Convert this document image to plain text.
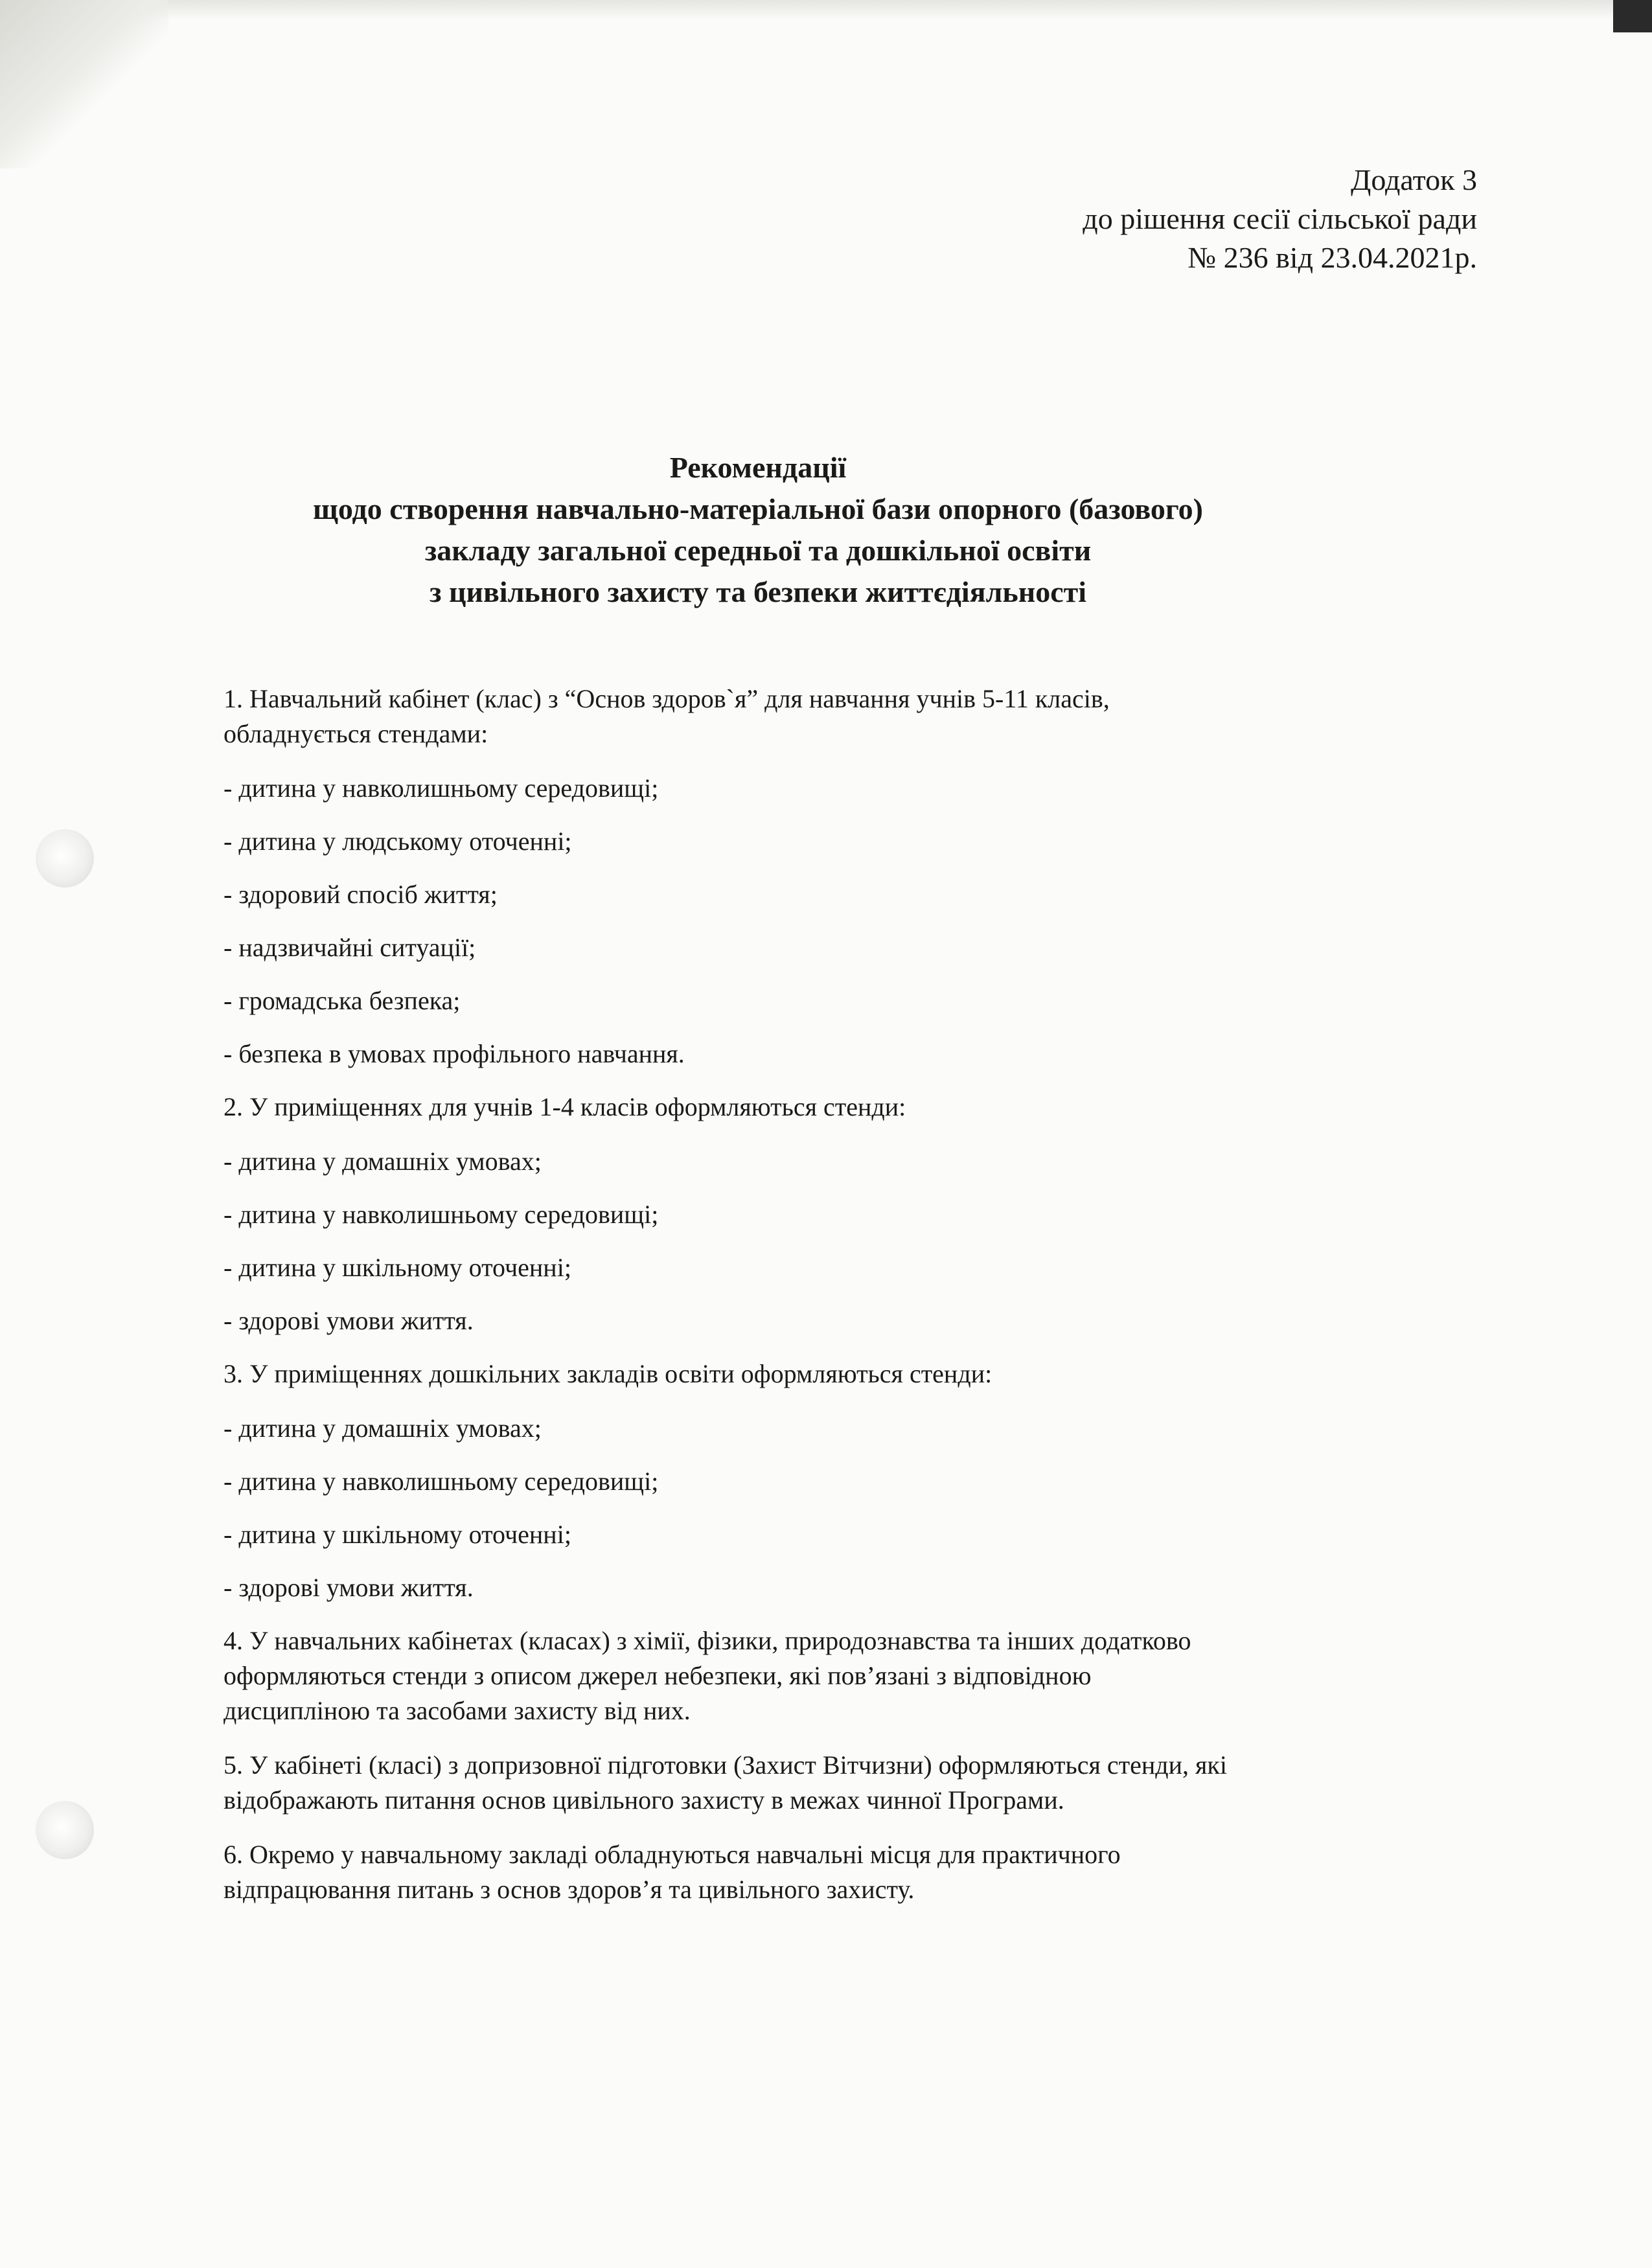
Додаток 3
до рішення сесії сільської ради
№ 236 від 23.04.2021р.
Рекомендації
щодо створення навчально-матеріальної бази опорного (базового)
закладу загальної середньої та дошкільної освіти
з цивільного захисту та безпеки життєдіяльності
1. Навчальний кабінет (клас) з “Основ здоров`я” для навчання учнів 5-11 класів,
обладнується стендами:
- дитина у навколишньому середовищі;
- дитина у людському оточенні;
- здоровий спосіб життя;
- надзвичайні ситуації;
- громадська безпека;
- безпека в умовах профільного навчання.
2. У приміщеннях для учнів 1-4 класів оформляються стенди:
- дитина у домашніх умовах;
- дитина у навколишньому середовищі;
- дитина у шкільному оточенні;
- здорові умови життя.
3. У приміщеннях дошкільних закладів освіти оформляються стенди:
- дитина у домашніх умовах;
- дитина у навколишньому середовищі;
- дитина у шкільному оточенні;
- здорові умови життя.
4. У навчальних кабінетах (класах) з хімії, фізики, природознавства та інших додатково
оформляються стенди з описом джерел небезпеки, які пов’язані з відповідною
дисципліною та засобами захисту від них.
5. У кабінеті (класі) з допризовної підготовки (Захист Вітчизни) оформляються стенди, які
відображають питання основ цивільного захисту в межах чинної Програми.
6. Окремо у навчальному закладі обладнуються навчальні місця для практичного
відпрацювання питань з основ здоров’я та цивільного захисту.
